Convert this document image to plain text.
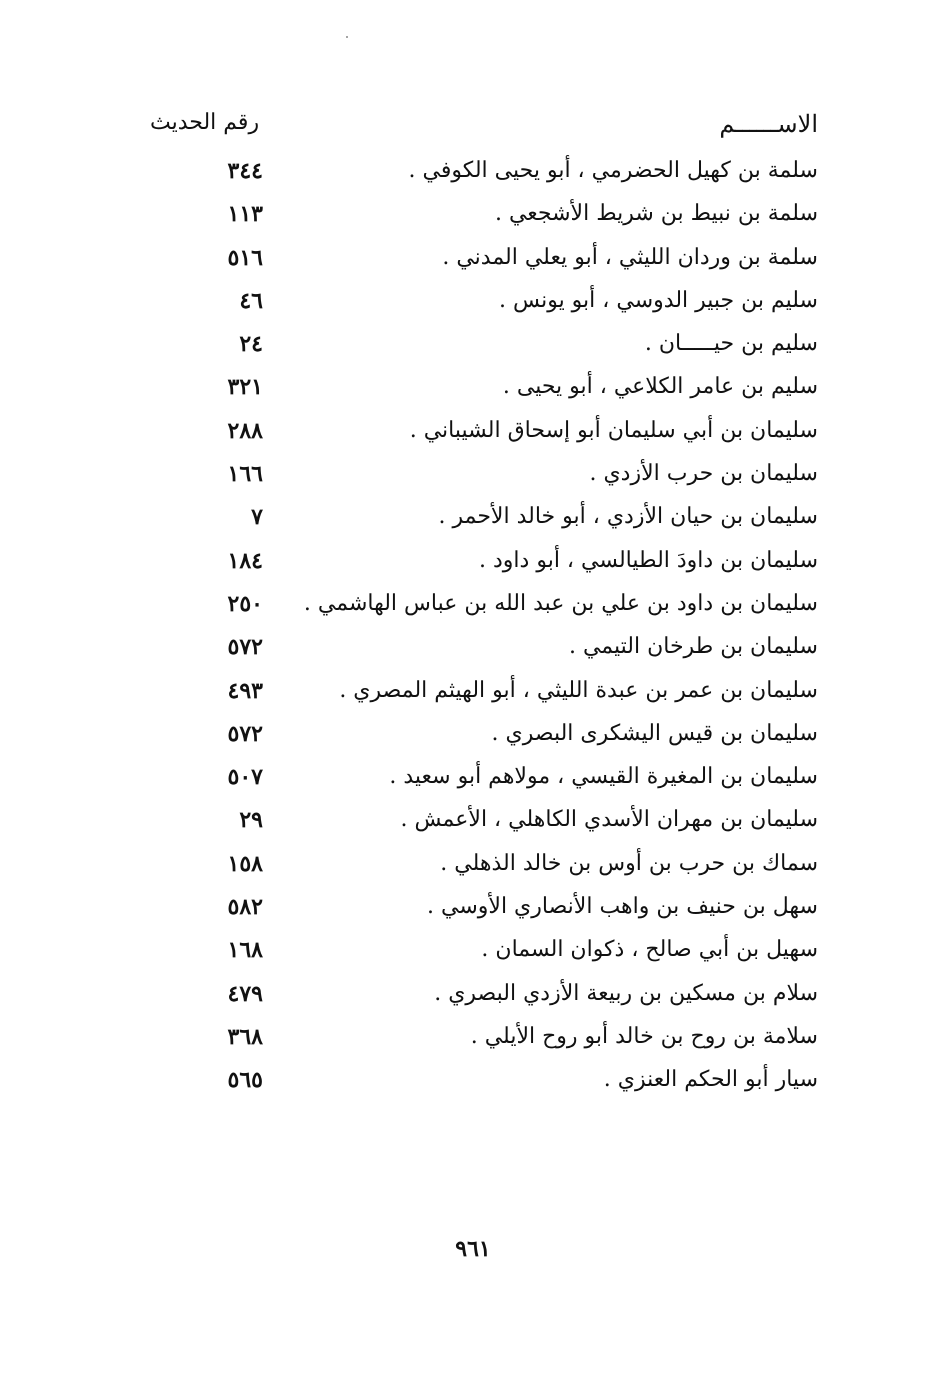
الاســــــم
رقم الحديث
سلمة بن كهيل الحضرمي ، أبو يحيى الكوفي .
٣٤٤
سلمة بن نبيط بن شريط الأشجعي .
١١٣
سلمة بن وردان الليثي ، أبو يعلي المدني .
٥١٦
سليم بن جبير الدوسي ، أبو يونس .
٤٦
سليم بن حيـــــان .
٢٤
سليم بن عامر الكلاعي ، أبو يحيى .
٣٢١
سليمان بن أبي سليمان أبو إسحاق الشيباني .
٢٨٨
سليمان بن حرب الأزدي .
١٦٦
سليمان بن حيان الأزدي ، أبو خالد الأحمر .
٧
سليمان بن داودَ الطيالسي ، أبو داود .
١٨٤
سليمان بن داود بن علي بن عبد الله بن عباس الهاشمي .
٢٥٠
سليمان بن طرخان التيمي .
٥٧٢
سليمان بن عمر بن عبدة الليثي ، أبو الهيثم المصري .
٤٩٣
سليمان بن قيس اليشكرى البصري .
٥٧٢
سليمان بن المغيرة القيسي ، مولاهم أبو سعيد .
٥٠٧
سليمان بن مهران الأسدي الكاهلي ، الأعمش .
٢٩
سماك بن حرب بن أوس بن خالد الذهلي .
١٥٨
سهل بن حنيف بن واهب الأنصاري الأوسي .
٥٨٢
سهيل بن أبي صالح ، ذكوان السمان .
١٦٨
سلام بن مسكين بن ربيعة الأزدي البصري .
٤٧٩
سلامة بن روح بن خالد أبو روح الأيلي .
٣٦٨
سيار أبو الحكم العنزي .
٥٦٥
٩٦١
